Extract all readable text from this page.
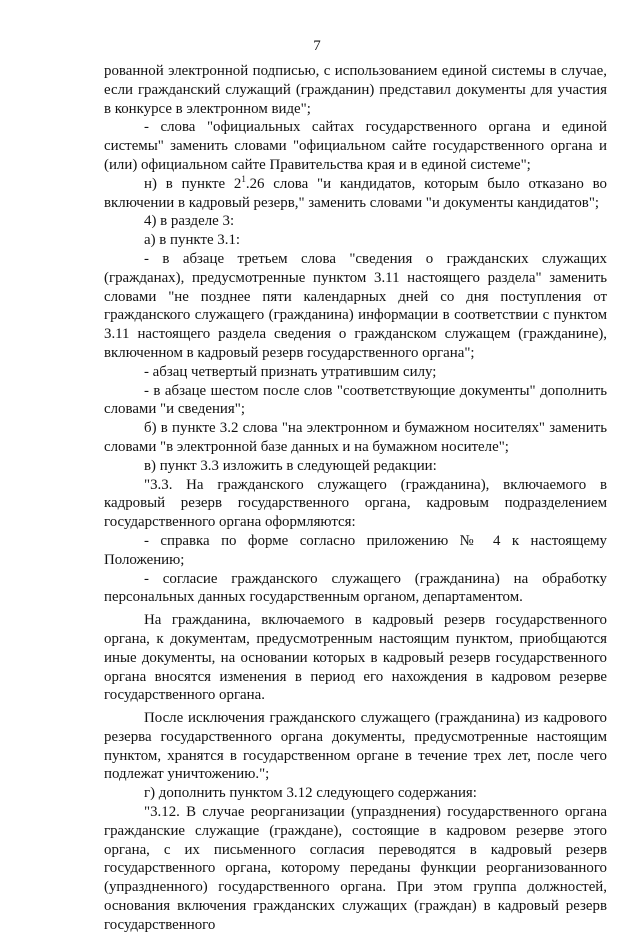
7

рованной электронной подписью, с использованием единой системы в случае, если гражданский служащий (гражданин) представил документы для участия в конкурсе в электронном виде";

- слова "официальных сайтах государственного органа и единой системы" заменить словами "официальном сайте государственного органа и (или) официальном сайте Правительства края и в единой системе";

н) в пункте $2^1.26$ слова "и кандидатов, которым было отказано во включении в кадровый резерв," заменить словами "и документы кандидатов";

4) в разделе 3:

а) в пункте 3.1:

- в абзаце третьем слова "сведения о гражданских служащих (гражданах), предусмотренные пунктом 3.11 настоящего раздела" заменить словами "не позднее пяти календарных дней со дня поступления от гражданского служащего (гражданина) информации в соответствии с пунктом 3.11 настоящего раздела сведения о гражданском служащем (гражданине), включенном в кадровый резерв государственного органа";

- абзац четвертый признать утратившим силу;

- в абзаце шестом после слов "соответствующие документы" дополнить словами "и сведения";

б) в пункте 3.2 слова "на электронном и бумажном носителях" заменить словами "в электронной базе данных и на бумажном носителе";

в) пункт 3.3 изложить в следующей редакции:

"3.3. На гражданского служащего (гражданина), включаемого в кадровый резерв государственного органа, кадровым подразделением государственного органа оформляются:

- справка по форме согласно приложению № 4 к настоящему Положению;

- согласие гражданского служащего (гражданина) на обработку персональных данных государственным органом, департаментом.

На гражданина, включаемого в кадровый резерв государственного органа, к документам, предусмотренным настоящим пунктом, приобщаются иные документы, на основании которых в кадровый резерв государственного органа вносятся изменения в период его нахождения в кадровом резерве государственного органа.

После исключения гражданского служащего (гражданина) из кадрового резерва государственного органа документы, предусмотренные настоящим пунктом, хранятся в государственном органе в течение трех лет, после чего подлежат уничтожению.";

г) дополнить пунктом 3.12 следующего содержания:

"3.12. В случае реорганизации (упразднения) государственного органа гражданские служащие (граждане), состоящие в кадровом резерве этого органа, с их письменного согласия переводятся в кадровый резерв государственного органа, которому переданы функции реорганизованного (упраздненного) государственного органа. При этом группа должностей, основания включения гражданских служащих (граждан) в кадровый резерв государственного
